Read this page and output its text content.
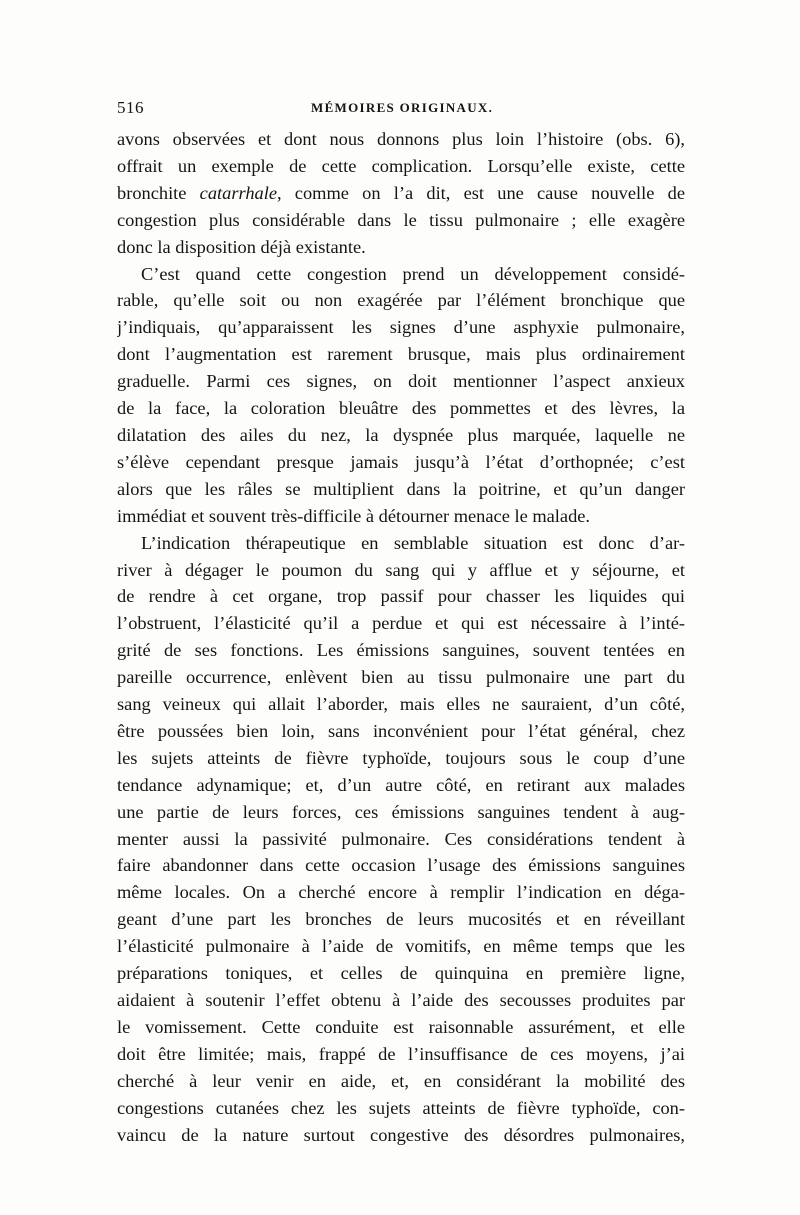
516	MÉMOIRES ORIGINAUX.
avons observées et dont nous donnons plus loin l’histoire (obs. 6),
offrait un exemple de cette complication. Lorsqu’elle existe, cette
bronchite catarrhale, comme on l’a dit, est une cause nouvelle de
congestion plus considérable dans le tissu pulmonaire ; elle exagère
donc la disposition déjà existante.
C’est quand cette congestion prend un développement considé-
rable, qu’elle soit ou non exagérée par l’élément bronchique que
j’indiquais, qu’apparaissent les signes d’une asphyxie pulmonaire,
dont l’augmentation est rarement brusque, mais plus ordinairement
graduelle. Parmi ces signes, on doit mentionner l’aspect anxieux
de la face, la coloration bleuâtre des pommettes et des lèvres, la
dilatation des ailes du nez, la dyspnée plus marquée, laquelle ne
s’élève cependant presque jamais jusqu’à l’état d’orthopnée; c’est
alors que les râles se multiplient dans la poitrine, et qu’un danger
immédiat et souvent très-difficile à détourner menace le malade.
L’indication thérapeutique en semblable situation est donc d’ar-
river à dégager le poumon du sang qui y afflue et y séjourne, et
de rendre à cet organe, trop passif pour chasser les liquides qui
l’obstruent, l’élasticité qu’il a perdue et qui est nécessaire à l’inté-
grité de ses fonctions. Les émissions sanguines, souvent tentées en
pareille occurrence, enlèvent bien au tissu pulmonaire une part du
sang veineux qui allait l’aborder, mais elles ne sauraient, d’un côté,
être poussées bien loin, sans inconvénient pour l’état général, chez
les sujets atteints de fièvre typhoïde, toujours sous le coup d’une
tendance adynamique; et, d’un autre côté, en retirant aux malades
une partie de leurs forces, ces émissions sanguines tendent à aug-
menter aussi la passivité pulmonaire. Ces considérations tendent à
faire abandonner dans cette occasion l’usage des émissions sanguines
même locales. On a cherché encore à remplir l’indication en déga-
geant d’une part les bronches de leurs mucosités et en réveillant
l’élasticité pulmonaire à l’aide de vomitifs, en même temps que les
préparations toniques, et celles de quinquina en première ligne,
aidaient à soutenir l’effet obtenu à l’aide des secousses produites par
le vomissement. Cette conduite est raisonnable assurément, et elle
doit être limitée; mais, frappé de l’insuffisance de ces moyens, j’ai
cherché à leur venir en aide, et, en considérant la mobilité des
congestions cutanées chez les sujets atteints de fièvre typhoïde, con-
vaincu de la nature surtout congestive des désordres pulmonaires,
